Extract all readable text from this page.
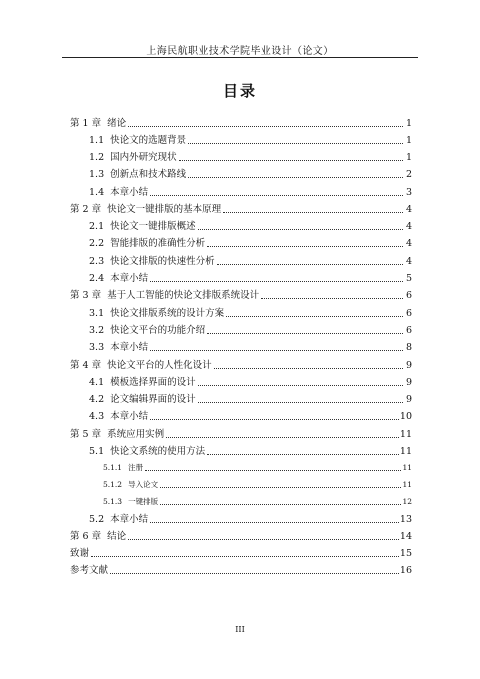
上海民航职业技术学院毕业设计（论文）
目录
第 1 章 绪论	1
1.1 快论文的选题背景	1
1.2 国内外研究现状	1
1.3 创新点和技术路线	2
1.4 本章小结	3
第 2 章 快论文一键排版的基本原理	4
2.1 快论文一键排版概述	4
2.2 智能排版的准确性分析	4
2.3 快论文排版的快速性分析	4
2.4 本章小结	5
第 3 章 基于人工智能的快论文排版系统设计	6
3.1 快论文排版系统的设计方案	6
3.2 快论文平台的功能介绍	6
3.3 本章小结	8
第 4 章 快论文平台的人性化设计	9
4.1 模板选择界面的设计	9
4.2 论文编辑界面的设计	9
4.3 本章小结	10
第 5 章 系统应用实例	11
5.1 快论文系统的使用方法	11
5.1.1 注册	11
5.1.2 导入论文	11
5.1.3 一键排版	12
5.2 本章小结	13
第 6 章 结论	14
致谢	15
参考文献	16
III
